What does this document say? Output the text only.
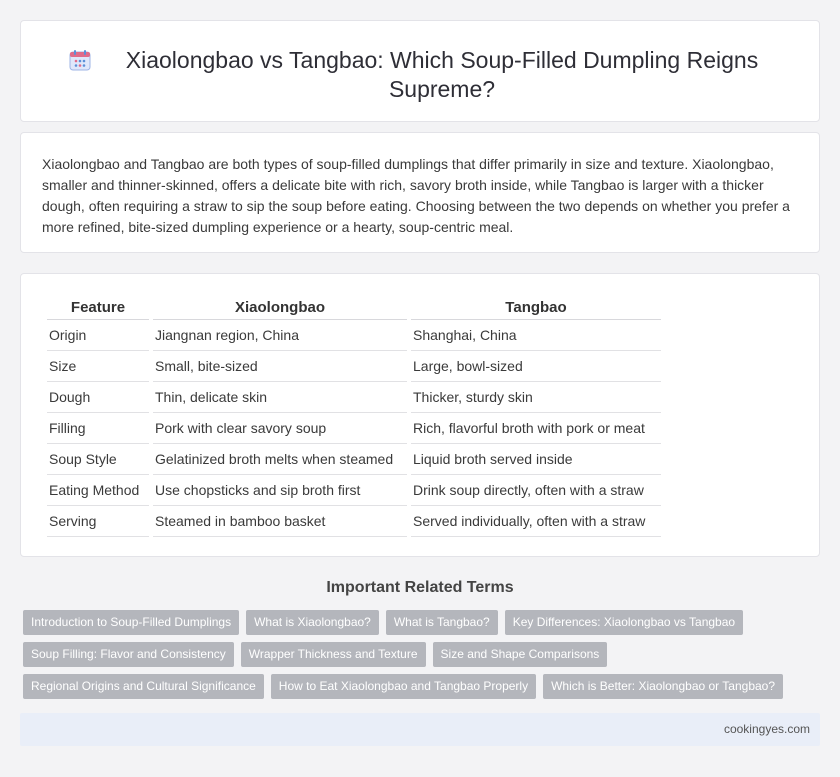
Xiaolongbao vs Tangbao: Which Soup-Filled Dumpling Reigns Supreme?

Xiaolongbao and Tangbao are both types of soup-filled dumplings that differ primarily in size and texture. Xiaolongbao, smaller and thinner-skinned, offers a delicate bite with rich, savory broth inside, while Tangbao is larger with a thicker dough, often requiring a straw to sip the soup before eating. Choosing between the two depends on whether you prefer a more refined, bite-sized dumpling experience or a hearty, soup-centric meal.

Feature	Xiaolongbao	Tangbao
Origin	Jiangnan region, China	Shanghai, China
Size	Small, bite-sized	Large, bowl-sized
Dough	Thin, delicate skin	Thicker, sturdy skin
Filling	Pork with clear savory soup	Rich, flavorful broth with pork or meat
Soup Style	Gelatinized broth melts when steamed	Liquid broth served inside
Eating Method	Use chopsticks and sip broth first	Drink soup directly, often with a straw
Serving	Steamed in bamboo basket	Served individually, often with a straw
Important Related Terms
Introduction to Soup-Filled Dumplings	What is Xiaolongbao?	What is Tangbao?	Key Differences: Xiaolongbao vs Tangbao
Soup Filling: Flavor and Consistency	Wrapper Thickness and Texture	Size and Shape Comparisons
Regional Origins and Cultural Significance	How to Eat Xiaolongbao and Tangbao Properly	Which is Better: Xiaolongbao or Tangbao?
cookingyes.com
